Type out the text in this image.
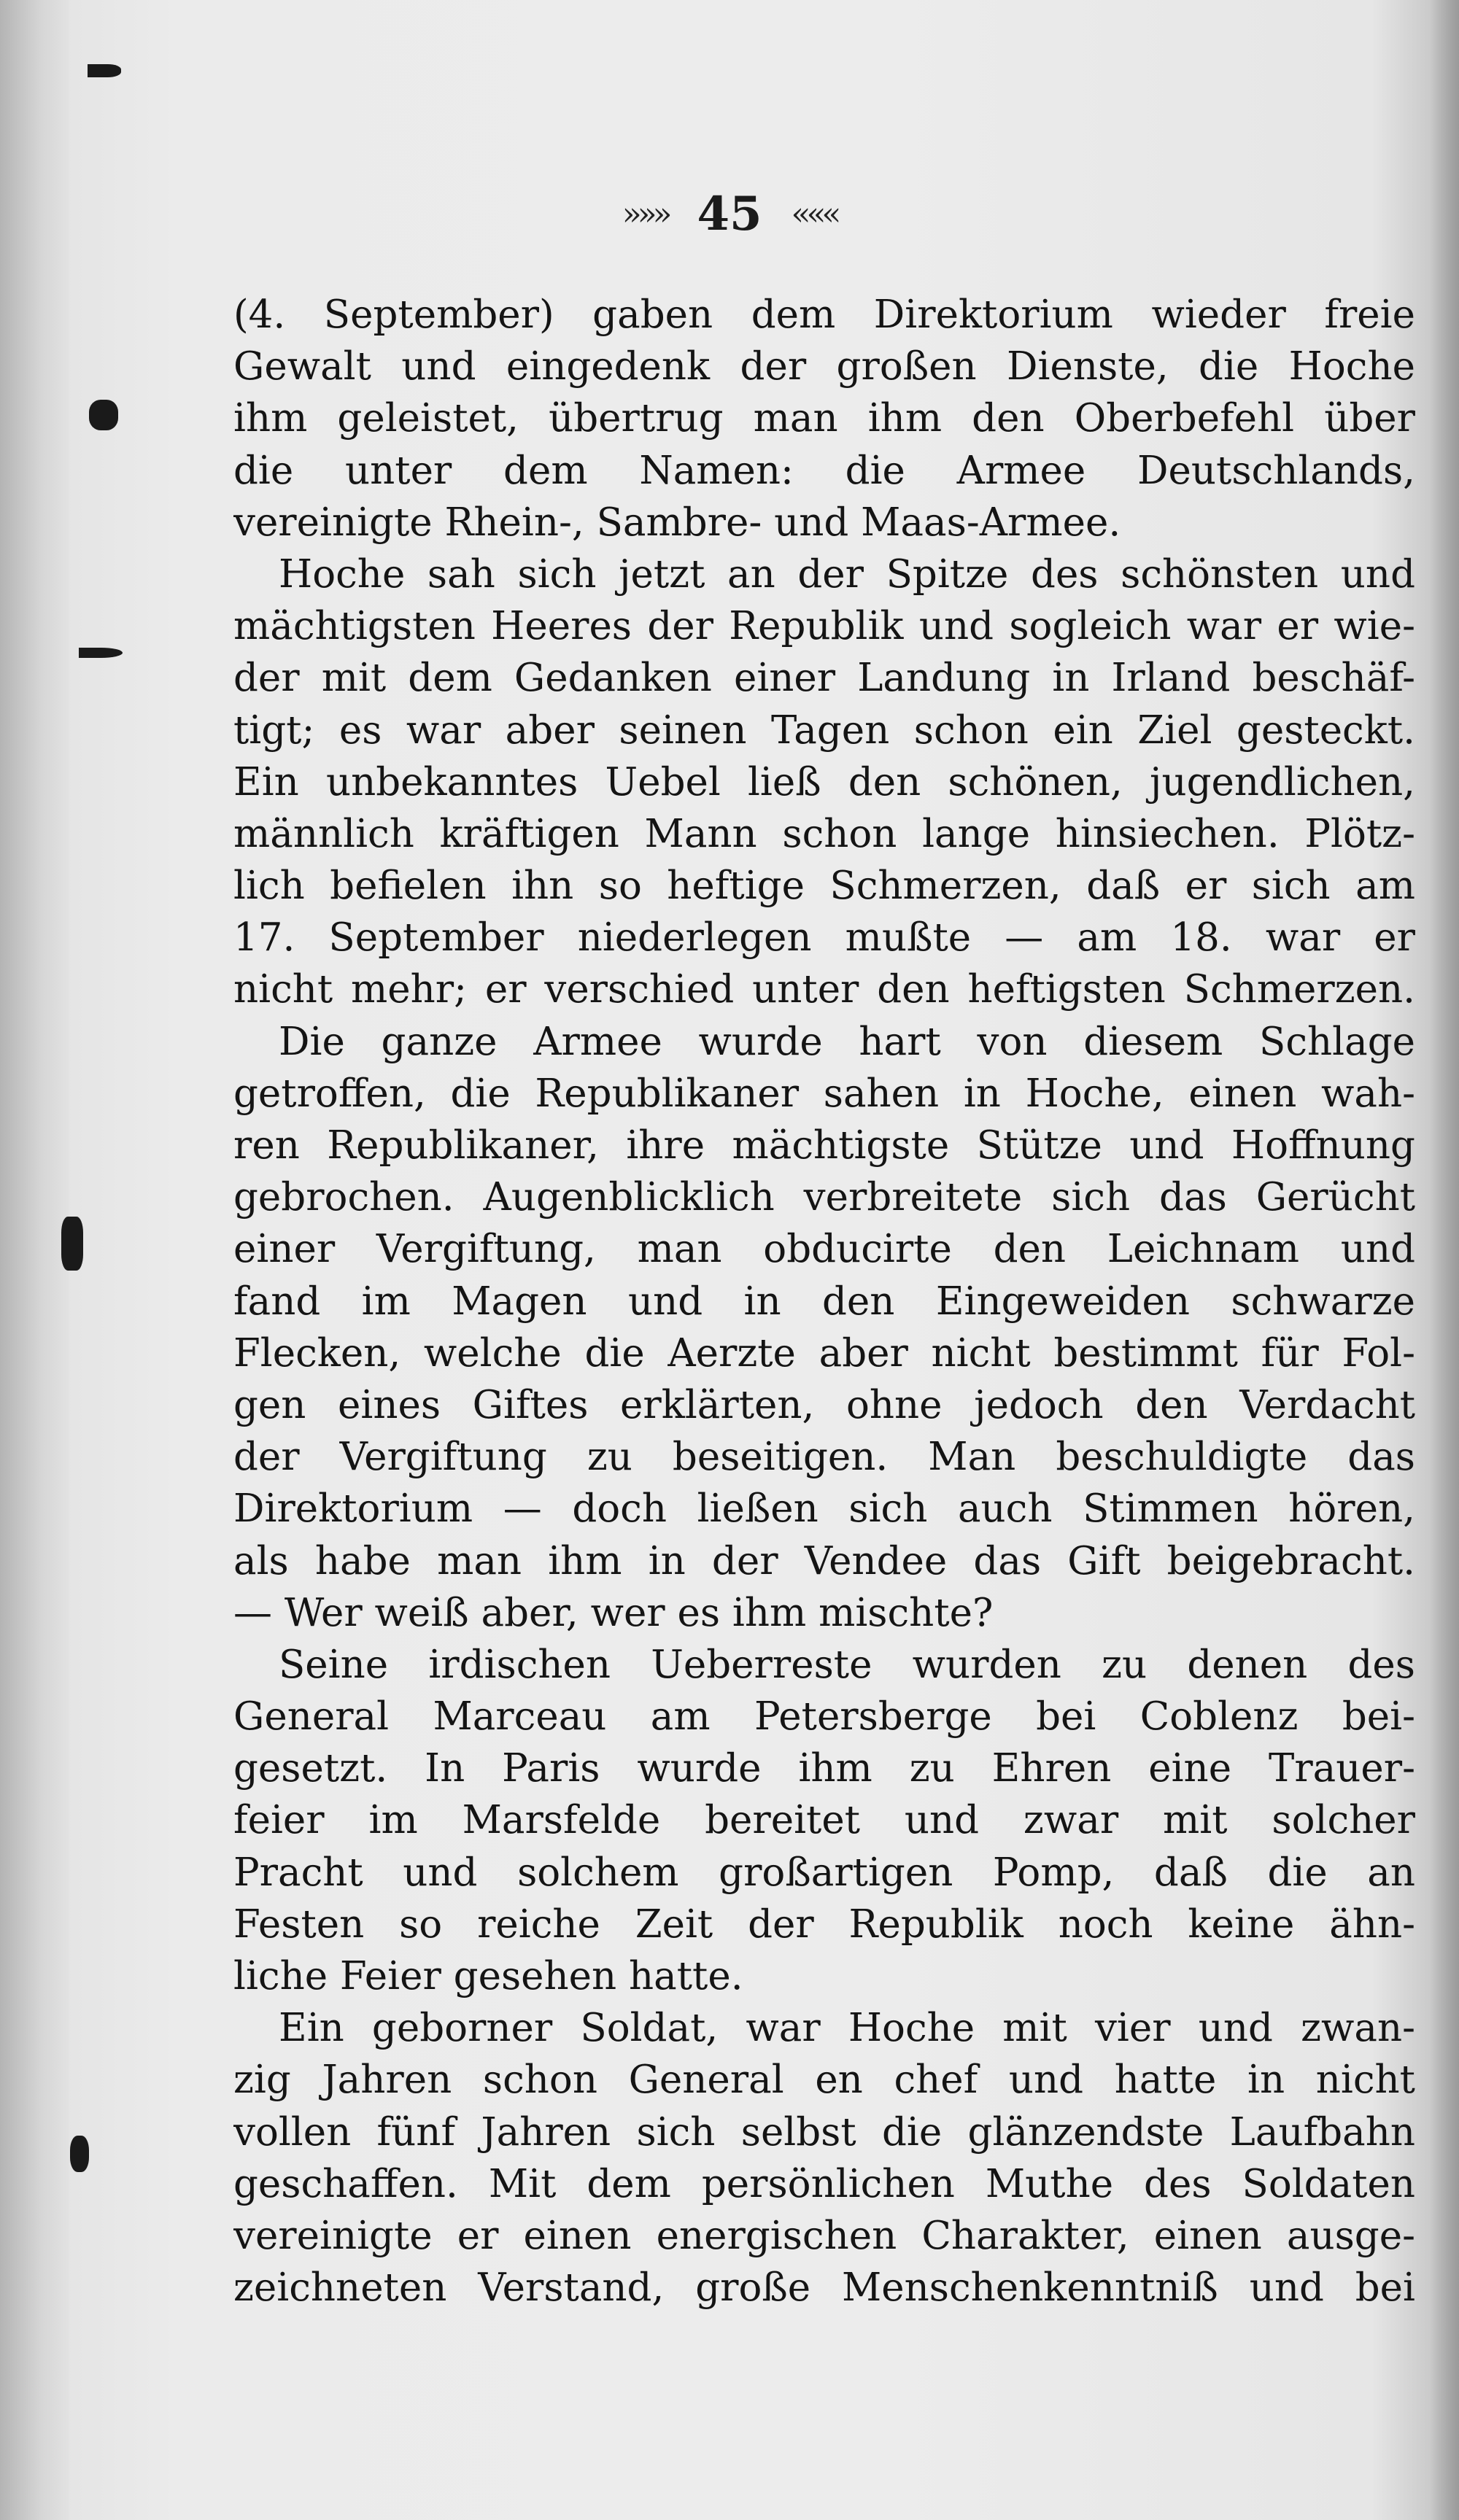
»»» 45 «««
(4. September) gaben dem Direktorium wieder freie
Gewalt und eingedenk der großen Dienste, die Hoche
ihm geleistet, übertrug man ihm den Oberbefehl über
die unter dem Namen: die Armee Deutschlands,
vereinigte Rhein-, Sambre- und Maas-Armee.
Hoche sah sich jetzt an der Spitze des schönsten und
mächtigsten Heeres der Republik und sogleich war er wie-
der mit dem Gedanken einer Landung in Irland beschäf-
tigt; es war aber seinen Tagen schon ein Ziel gesteckt.
Ein unbekanntes Uebel ließ den schönen, jugendlichen,
männlich kräftigen Mann schon lange hinsiechen. Plötz-
lich befielen ihn so heftige Schmerzen, daß er sich am
17. September niederlegen mußte — am 18. war er
nicht mehr; er verschied unter den heftigsten Schmerzen.
Die ganze Armee wurde hart von diesem Schlage
getroffen, die Republikaner sahen in Hoche, einen wah-
ren Republikaner, ihre mächtigste Stütze und Hoffnung
gebrochen. Augenblicklich verbreitete sich das Gerücht
einer Vergiftung, man obducirte den Leichnam und
fand im Magen und in den Eingeweiden schwarze
Flecken, welche die Aerzte aber nicht bestimmt für Fol-
gen eines Giftes erklärten, ohne jedoch den Verdacht
der Vergiftung zu beseitigen. Man beschuldigte das
Direktorium — doch ließen sich auch Stimmen hören,
als habe man ihm in der Vendee das Gift beigebracht.
— Wer weiß aber, wer es ihm mischte?
Seine irdischen Ueberreste wurden zu denen des
General Marceau am Petersberge bei Coblenz bei-
gesetzt. In Paris wurde ihm zu Ehren eine Trauer-
feier im Marsfelde bereitet und zwar mit solcher
Pracht und solchem großartigen Pomp, daß die an
Festen so reiche Zeit der Republik noch keine ähn-
liche Feier gesehen hatte.
Ein geborner Soldat, war Hoche mit vier und zwan-
zig Jahren schon General en chef und hatte in nicht
vollen fünf Jahren sich selbst die glänzendste Laufbahn
geschaffen. Mit dem persönlichen Muthe des Soldaten
vereinigte er einen energischen Charakter, einen ausge-
zeichneten Verstand, große Menschenkenntniß und bei
